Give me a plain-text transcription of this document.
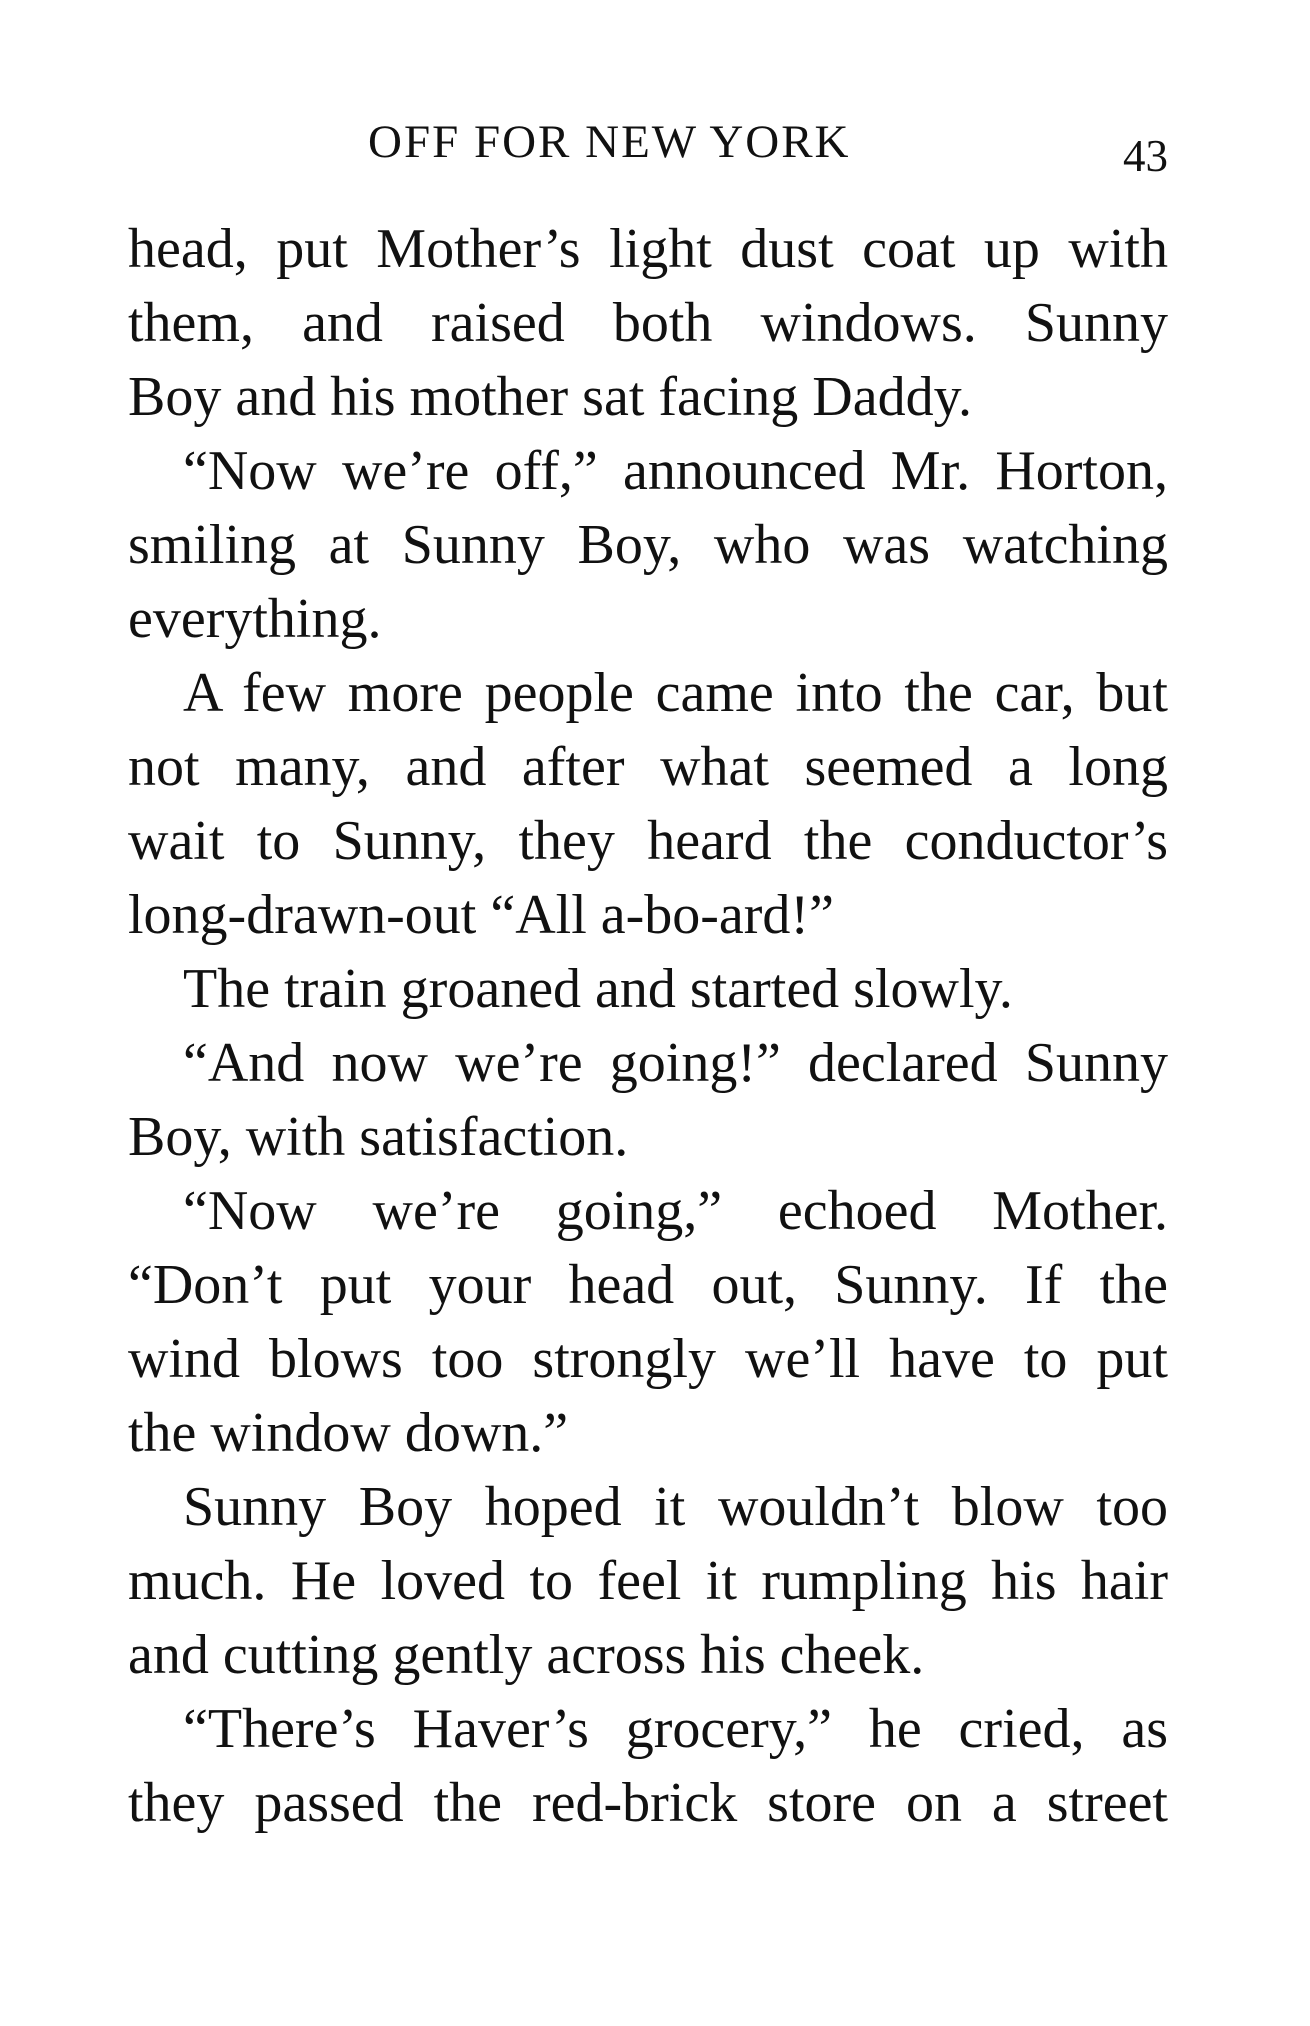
OFF FOR NEW YORK	43
head, put Mother’s light dust coat up with
them, and raised both windows. Sunny
Boy and his mother sat facing Daddy.
“Now we’re off,” announced Mr. Horton,
smiling at Sunny Boy, who was watching
everything.
A few more people came into the car, but
not many, and after what seemed a long
wait to Sunny, they heard the conductor’s
long-drawn-out “All a-bo-ard!”
The train groaned and started slowly.
“And now we’re going!” declared Sunny
Boy, with satisfaction.
“Now we’re going,” echoed Mother.
“Don’t put your head out, Sunny. If the
wind blows too strongly we’ll have to put
the window down.”
Sunny Boy hoped it wouldn’t blow too
much. He loved to feel it rumpling his hair
and cutting gently across his cheek.
“There’s Haver’s grocery,” he cried, as
they passed the red-brick store on a street
